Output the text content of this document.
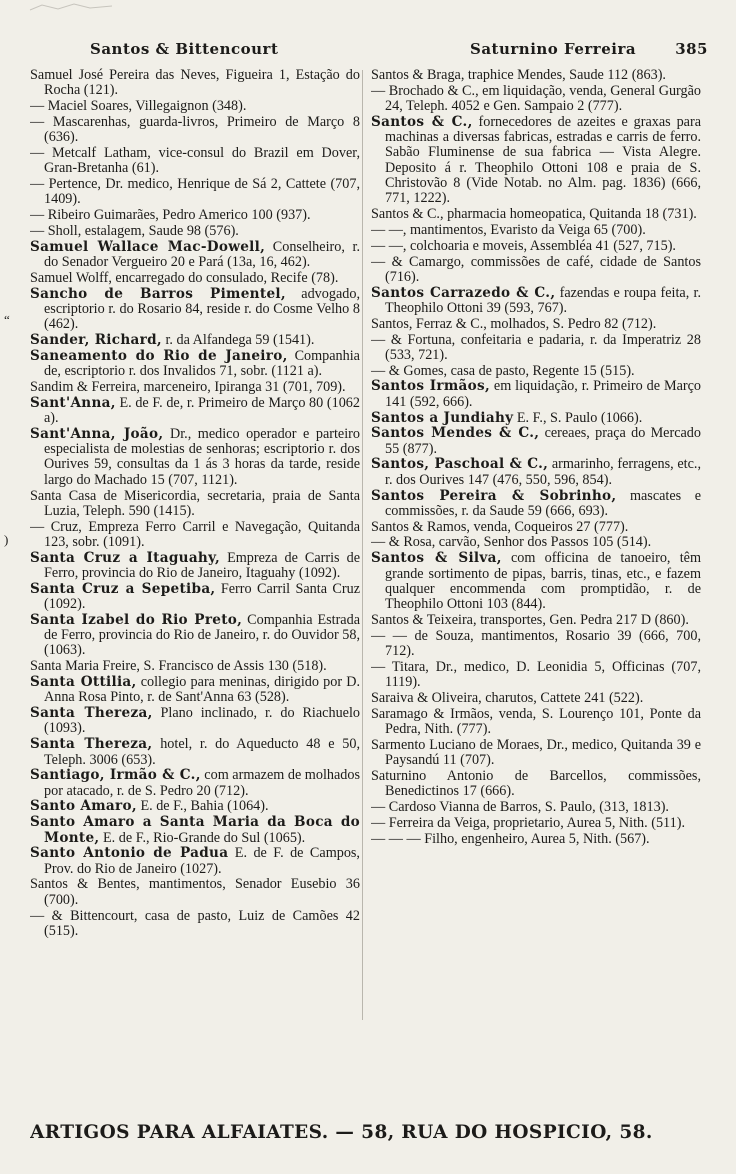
Santos & Bittencourt	Saturnino Ferreira	385

Samuel José Pereira das Neves, Figueira 1, Estação do Rocha (121).

— Maciel Soares, Villegaignon (348).

— Mascarenhas, guarda-livros, Primeiro de Março 8 (636).

— Metcalf Latham, vice-consul do Brazil em Dover, Gran-Bretanha (61).

— Pertence, Dr. medico, Henrique de Sá 2, Cattete (707, 1409).

— Ribeiro Guimarães, Pedro Americo 100 (937).

— Sholl, estalagem, Saude 98 (576).

Samuel Wallace Mac-Dowell, Conselheiro, r. do Senador Vergueiro 20 e Pará (13a, 16, 462).

Samuel Wolff, encarregado do consulado, Recife (78).

Sancho de Barros Pimentel, advogado, escriptorio r. do Rosario 84, reside r. do Cosme Velho 8 (462).

Sander, Richard, r. da Alfandega 59 (1541).

Saneamento do Rio de Janeiro, Companhia de, escriptorio r. dos Invalidos 71, sobr. (1121 a).

Sandim & Ferreira, marceneiro, Ipiranga 31 (701, 709).

Sant'Anna, E. de F. de, r. Primeiro de Março 80 (1062 a).

Sant'Anna, João, Dr., medico operador e parteiro especialista de molestias de senhoras; escriptorio r. dos Ourives 59, consultas da 1 ás 3 horas da tarde, reside largo do Machado 15 (707, 1121).

Santa Casa de Misericordia, secretaria, praia de Santa Luzia, Teleph. 590 (1415).

— Cruz, Empreza Ferro Carril e Navegação, Quitanda 123, sobr. (1091).

Santa Cruz a Itaguahy, Empreza de Carris de Ferro, provincia do Rio de Janeiro, Itaguahy (1092).

Santa Cruz a Sepetiba, Ferro Carril Santa Cruz (1092).

Santa Izabel do Rio Preto, Companhia Estrada de Ferro, provincia do Rio de Janeiro, r. do Ouvidor 58, (1063).

Santa Maria Freire, S. Francisco de Assis 130 (518).

Santa Ottilia, collegio para meninas, dirigido por D. Anna Rosa Pinto, r. de Sant'Anna 63 (528).

Santa Thereza, Plano inclinado, r. do Riachuelo (1093).

Santa Thereza, hotel, r. do Aqueducto 48 e 50, Teleph. 3006 (653).

Santiago, Irmão & C., com armazem de molhados por atacado, r. de S. Pedro 20 (712).

Santo Amaro, E. de F., Bahia (1064).

Santo Amaro a Santa Maria da Boca do Monte, E. de F., Rio-Grande do Sul (1065).

Santo Antonio de Padua E. de F. de Campos, Prov. do Rio de Janeiro (1027).

Santos & Bentes, mantimentos, Senador Eusebio 36 (700).

— & Bittencourt, casa de pasto, Luiz de Camões 42 (515).

Santos & Braga, traphice Mendes, Saude 112 (863).

— Brochado & C., em liquidação, venda, General Gurgão 24, Teleph. 4052 e Gen. Sampaio 2 (777).

Santos & C., fornecedores de azeites e graxas para machinas a diversas fabricas, estradas e carris de ferro. Sabão Fluminense de sua fabrica — Vista Alegre. Deposito á r. Theophilo Ottoni 108 e praia de S. Christovão 8 (Vide Notab. no Alm. pag. 1836) (666, 771, 1222).

Santos & C., pharmacia homeopatica, Quitanda 18 (731).

— —, mantimentos, Evaristo da Veiga 65 (700).

— —, colchoaria e moveis, Assembléa 41 (527, 715).

— & Camargo, commissões de café, cidade de Santos (716).

Santos Carrazedo & C., fazendas e roupa feita, r. Theophilo Ottoni 39 (593, 767).

Santos, Ferraz & C., molhados, S. Pedro 82 (712).

— & Fortuna, confeitaria e padaria, r. da Imperatriz 28 (533, 721).

— & Gomes, casa de pasto, Regente 15 (515).

Santos Irmãos, em liquidação, r. Primeiro de Março 141 (592, 666).

Santos a Jundiahy E. F., S. Paulo (1066).

Santos Mendes & C., cereaes, praça do Mercado 55 (877).

Santos, Paschoal & C., armarinho, ferragens, etc., r. dos Ourives 147 (476, 550, 596, 854).

Santos Pereira & Sobrinho, mascates e commissões, r. da Saude 59 (666, 693).

Santos & Ramos, venda, Coqueiros 27 (777).

— & Rosa, carvão, Senhor dos Passos 105 (514).

Santos & Silva, com officina de tanoeiro, têm grande sortimento de pipas, barris, tinas, etc., e fazem qualquer encommenda com promptidão, r. de Theophilo Ottoni 103 (844).

Santos & Teixeira, transportes, Gen. Pedra 217 D (860).

— — de Souza, mantimentos, Rosario 39 (666, 700, 712).

— Titara, Dr., medico, D. Leonidia 5, Officinas (707, 1119).

Saraiva & Oliveira, charutos, Cattete 241 (522).

Saramago & Irmãos, venda, S. Lourenço 101, Ponte da Pedra, Nith. (777).

Sarmento Luciano de Moraes, Dr., medico, Quitanda 39 e Paysandú 11 (707).

Saturnino Antonio de Barcellos, commissões, Benedictinos 17 (666).

— Cardoso Vianna de Barros, S. Paulo, (313, 1813).

— Ferreira da Veiga, proprietario, Aurea 5, Nith. (511).

— — — Filho, engenheiro, Aurea 5, Nith. (567).

“
)
ARTIGOS PARA ALFAIATES. — 58, RUA DO HOSPICIO, 58.
